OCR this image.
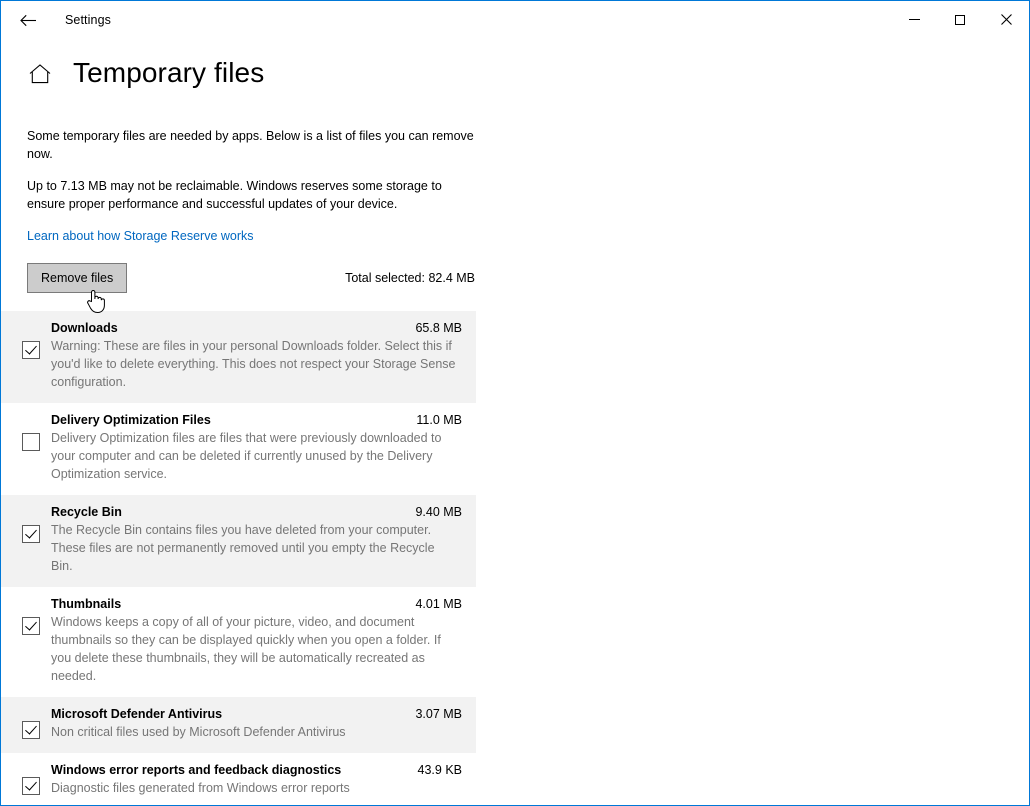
Settings
Temporary files

Some temporary files are needed by apps. Below is a list of files you can remove now.

Up to 7.13 MB may not be reclaimable. Windows reserves some storage to ensure proper performance and successful updates of your device.

Learn about how Storage Reserve works
Remove files	Total selected: 82.4 MB
Downloads	65.8 MB
Warning: These are files in your personal Downloads folder. Select this if you'd like to delete everything. This does not respect your Storage Sense configuration.
Delivery Optimization Files	11.0 MB
Delivery Optimization files are files that were previously downloaded to your computer and can be deleted if currently unused by the Delivery Optimization service.
Recycle Bin	9.40 MB
The Recycle Bin contains files you have deleted from your computer. These files are not permanently removed until you empty the Recycle Bin.
Thumbnails	4.01 MB
Windows keeps a copy of all of your picture, video, and document thumbnails so they can be displayed quickly when you open a folder. If you delete these thumbnails, they will be automatically recreated as needed.
Microsoft Defender Antivirus	3.07 MB
Non critical files used by Microsoft Defender Antivirus
Windows error reports and feedback diagnostics	43.9 KB
Diagnostic files generated from Windows error reports
